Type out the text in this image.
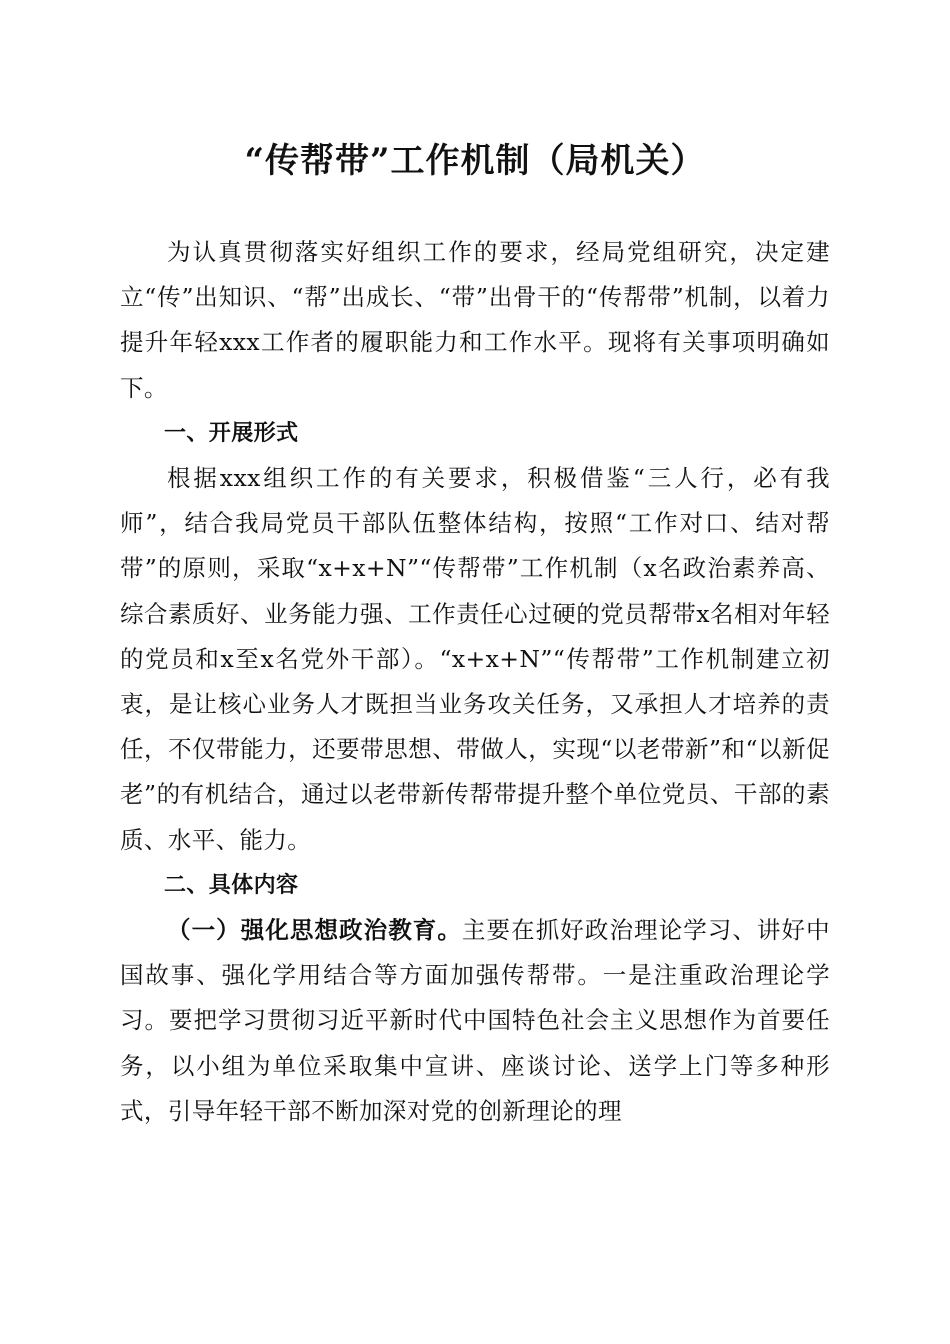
“传帮带”工作机制（局机关）

为认真贯彻落实好组织工作的要求，经局党组研究，决定建立“传”出知识、“帮”出成长、“带”出骨干的“传帮带”机制，以着力提升年轻xxx工作者的履职能力和工作水平。现将有关事项明确如下。

一、开展形式

根据xxx组织工作的有关要求，积极借鉴“三人行，必有我师”，结合我局党员干部队伍整体结构，按照“工作对口、结对帮带”的原则，采取“x+x+N”“传帮带”工作机制（x名政治素养高、综合素质好、业务能力强、工作责任心过硬的党员帮带x名相对年轻的党员和x至x名党外干部）。“x+x+N”“传帮带”工作机制建立初衷，是让核心业务人才既担当业务攻关任务，又承担人才培养的责任，不仅带能力，还要带思想、带做人，实现“以老带新”和“以新促老”的有机结合，通过以老带新传帮带提升整个单位党员、干部的素质、水平、能力。

二、具体内容

（一）强化思想政治教育。主要在抓好政治理论学习、讲好中国故事、强化学用结合等方面加强传帮带。一是注重政治理论学习。要把学习贯彻习近平新时代中国特色社会主义思想作为首要任务，以小组为单位采取集中宣讲、座谈讨论、送学上门等多种形式，引导年轻干部不断加深对党的创新理论的理
